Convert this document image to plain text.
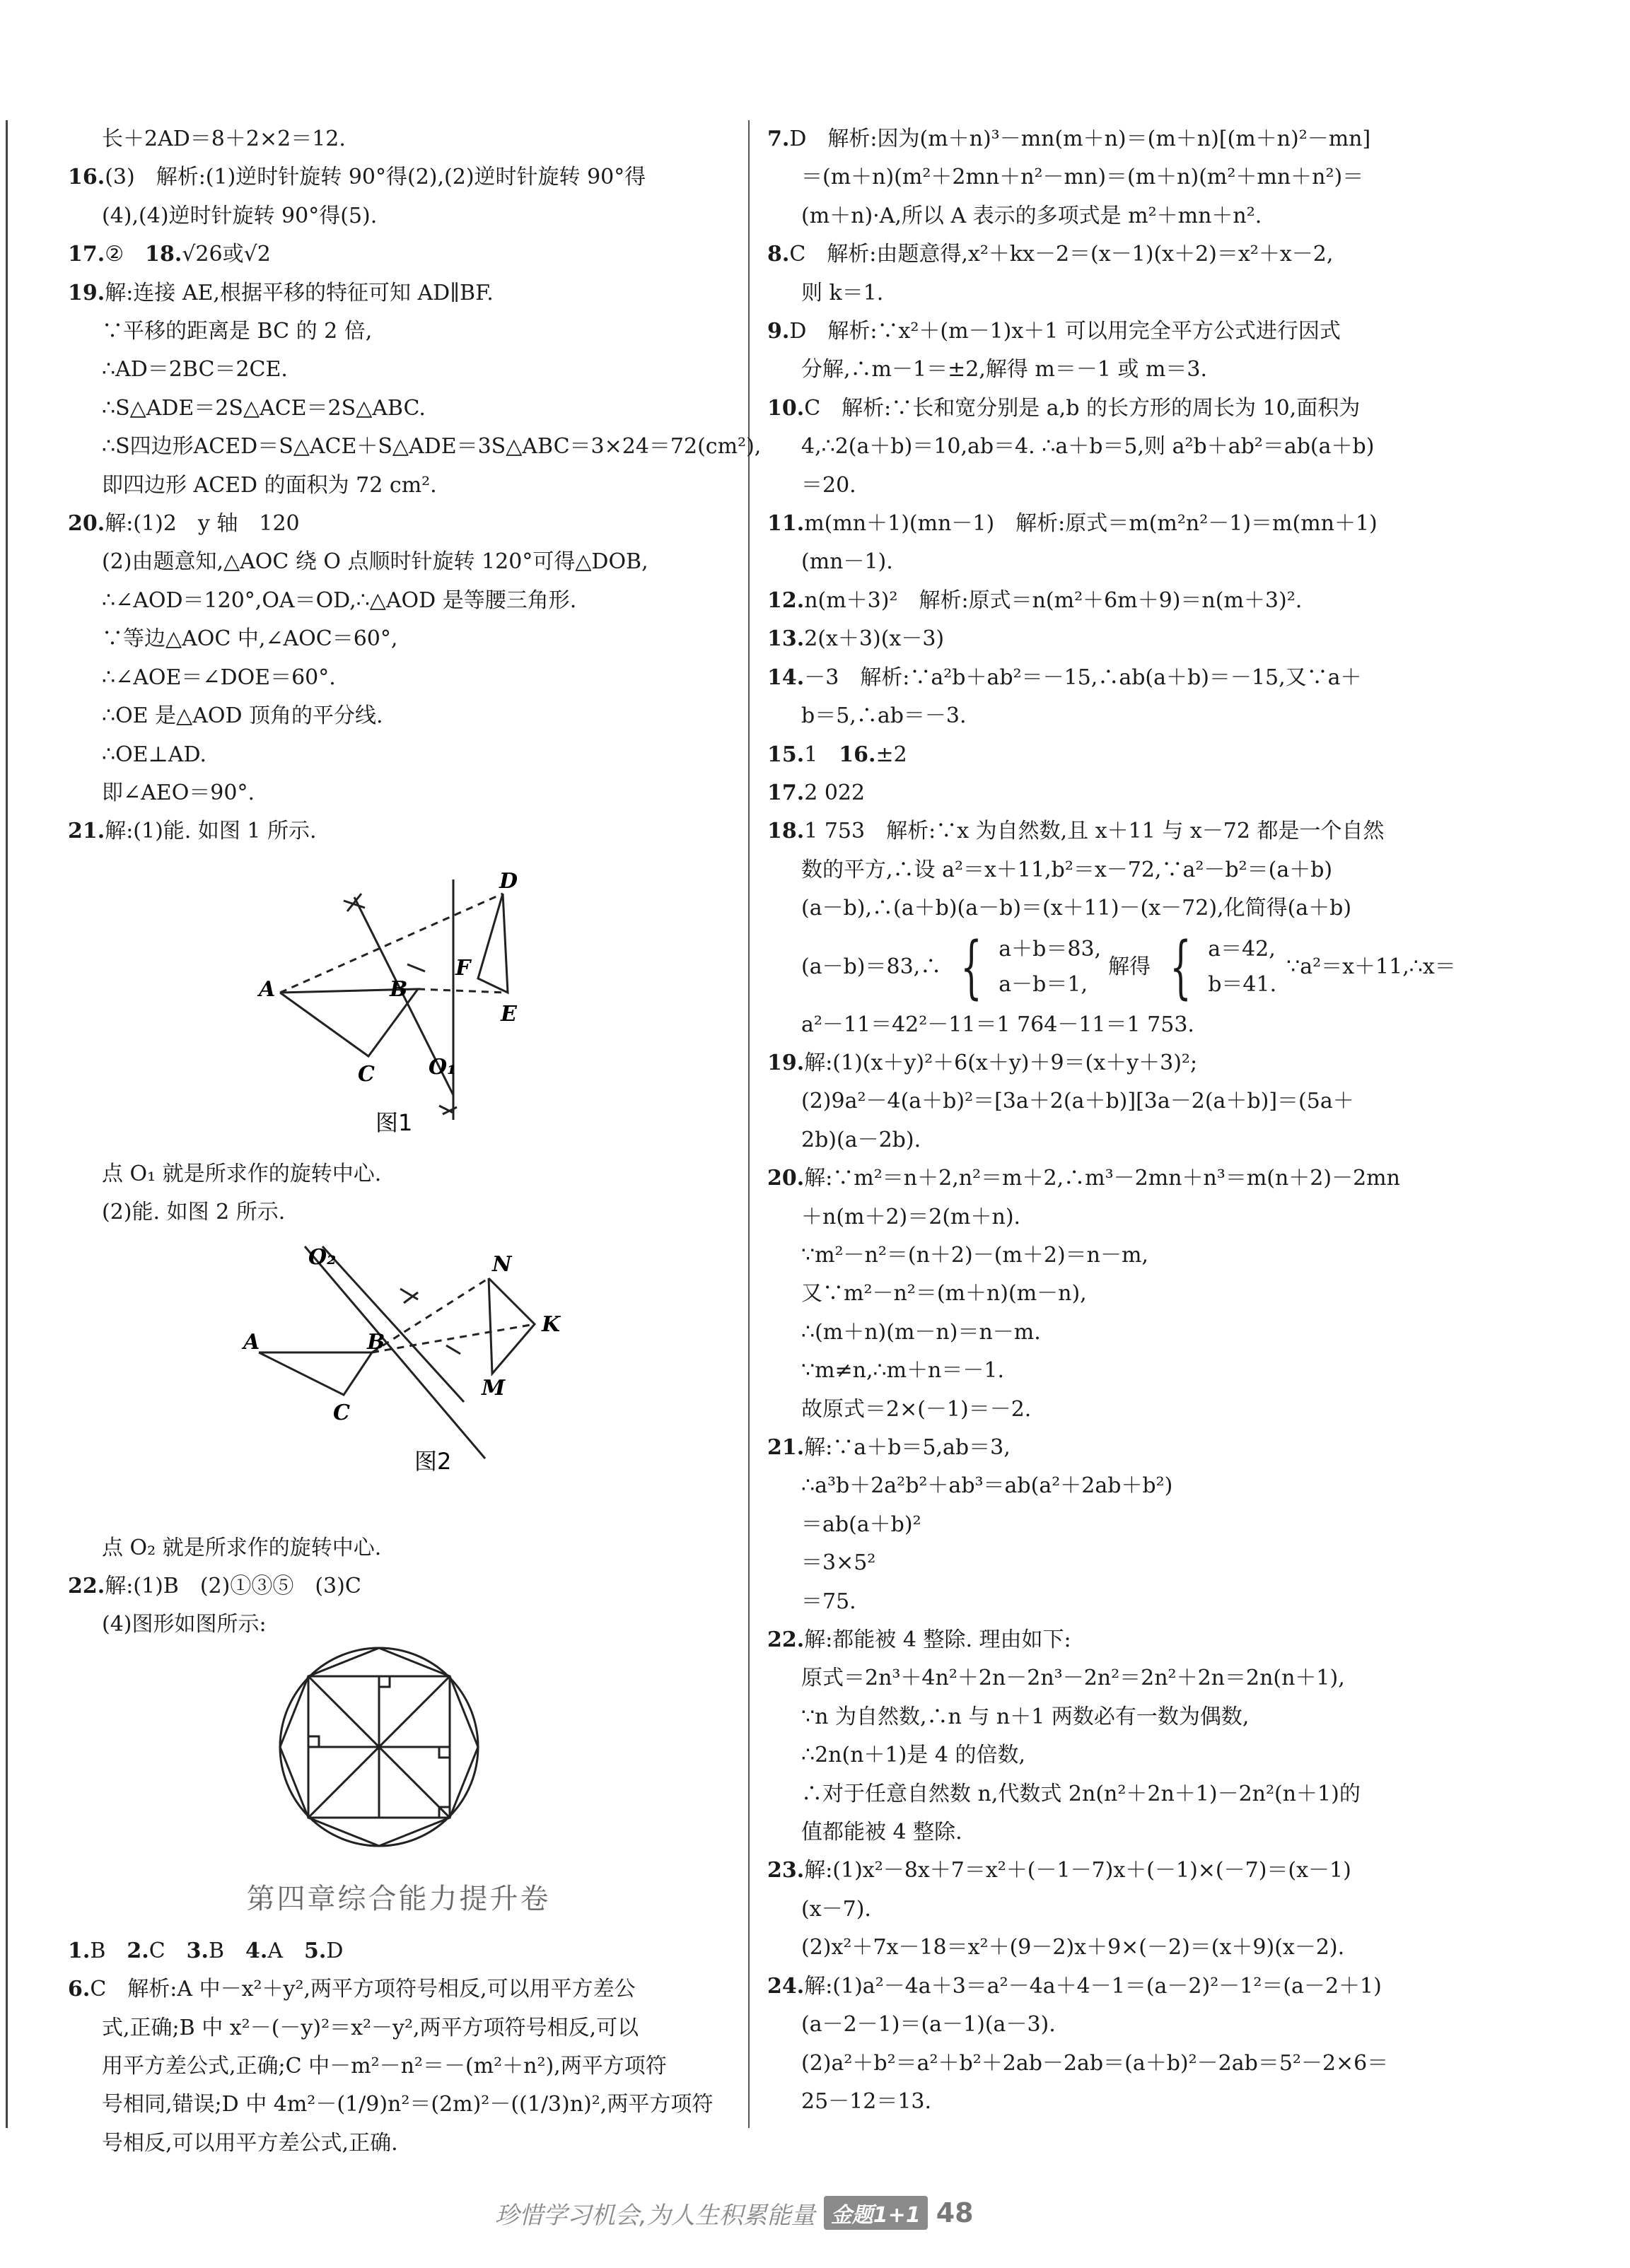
长＋2AD＝8＋2×2＝12.
16.(3)　解析:(1)逆时针旋转 90°得(2),(2)逆时针旋转 90°得
(4),(4)逆时针旋转 90°得(5).
17.②　18.√26或√2
19.解:连接 AE,根据平移的特征可知 AD∥BF.
∵平移的距离是 BC 的 2 倍,
∴AD＝2BC＝2CE.
∴S△ADE＝2S△ACE＝2S△ABC.
∴S四边形ACED＝S△ACE＋S△ADE＝3S△ABC＝3×24＝72(cm²),
即四边形 ACED 的面积为 72 cm².
20.解:(1)2　y 轴　120
(2)由题意知,△AOC 绕 O 点顺时针旋转 120°可得△DOB,
∴∠AOD＝120°,OA＝OD,∴△AOD 是等腰三角形.
∵等边△AOC 中,∠AOC＝60°,
∴∠AOE＝∠DOE＝60°.
∴OE 是△AOD 顶角的平分线.
∴OE⊥AD.
即∠AEO＝90°.
21.解:(1)能. 如图 1 所示.
A	B
C
D
E
F
O₁
图1
点 O₁ 就是所求作的旋转中心.
(2)能. 如图 2 所示.
O₂	N
K
M
A	B
C
图2
点 O₂ 就是所求作的旋转中心.
22.解:(1)B　(2)①③⑤　(3)C
(4)图形如图所示:
第四章综合能力提升卷
1.B　2.C　3.B　4.A　5.D
6.C　解析:A 中－x²＋y²,两平方项符号相反,可以用平方差公
式,正确;B 中 x²－(－y)²＝x²－y²,两平方项符号相反,可以
用平方差公式,正确;C 中－m²－n²＝－(m²＋n²),两平方项符
号相同,错误;D 中 4m²－(1/9)n²＝(2m)²－((1/3)n)²,两平方项符
号相反,可以用平方差公式,正确.
7.D　解析:因为(m＋n)³－mn(m＋n)＝(m＋n)[(m＋n)²－mn]
＝(m＋n)(m²＋2mn＋n²－mn)＝(m＋n)(m²＋mn＋n²)＝
(m＋n)·A,所以 A 表示的多项式是 m²＋mn＋n².
8.C　解析:由题意得,x²＋kx－2＝(x－1)(x＋2)＝x²＋x－2,
则 k＝1.
9.D　解析:∵x²＋(m－1)x＋1 可以用完全平方公式进行因式
分解,∴m－1＝±2,解得 m＝－1 或 m＝3.
10.C　解析:∵长和宽分别是 a,b 的长方形的周长为 10,面积为
4,∴2(a＋b)＝10,ab＝4. ∴a＋b＝5,则 a²b＋ab²＝ab(a＋b)
＝20.
11.m(mn＋1)(mn－1)　解析:原式＝m(m²n²－1)＝m(mn＋1)
(mn－1).
12.n(m＋3)²　解析:原式＝n(m²＋6m＋9)＝n(m＋3)².
13.2(x＋3)(x－3)
14.－3　解析:∵a²b＋ab²＝－15,∴ab(a＋b)＝－15,又∵a＋
b＝5,∴ab＝－3.
15.1　16.±2
17.2 022
18.1 753　解析:∵x 为自然数,且 x＋11 与 x－72 都是一个自然
数的平方,∴设 a²＝x＋11,b²＝x－72,∵a²－b²＝(a＋b)
(a－b),∴(a＋b)(a－b)＝(x＋11)－(x－72),化简得(a＋b)
(a－b)＝83,∴ { a＋b＝83,
a－b＝1,
解得 { a＝42,
b＝41.
∵a²＝x＋11,∴x＝
a²－11＝42²－11＝1 764－11＝1 753.
19.解:(1)(x＋y)²＋6(x＋y)＋9＝(x＋y＋3)²;
(2)9a²－4(a＋b)²＝[3a＋2(a＋b)][3a－2(a＋b)]＝(5a＋
2b)(a－2b).
20.解:∵m²＝n＋2,n²＝m＋2,∴m³－2mn＋n³＝m(n＋2)－2mn
＋n(m＋2)＝2(m＋n).
∵m²－n²＝(n＋2)－(m＋2)＝n－m,
又∵m²－n²＝(m＋n)(m－n),
∴(m＋n)(m－n)＝n－m.
∵m≠n,∴m＋n＝－1.
故原式＝2×(－1)＝－2.
21.解:∵a＋b＝5,ab＝3,
∴a³b＋2a²b²＋ab³＝ab(a²＋2ab＋b²)
＝ab(a＋b)²
＝3×5²
＝75.
22.解:都能被 4 整除. 理由如下:
原式＝2n³＋4n²＋2n－2n³－2n²＝2n²＋2n＝2n(n＋1),
∵n 为自然数,∴n 与 n＋1 两数必有一数为偶数,
∴2n(n＋1)是 4 的倍数,
∴对于任意自然数 n,代数式 2n(n²＋2n＋1)－2n²(n＋1)的
值都能被 4 整除.
23.解:(1)x²－8x＋7＝x²＋(－1－7)x＋(－1)×(－7)＝(x－1)
(x－7).
(2)x²＋7x－18＝x²＋(9－2)x＋9×(－2)＝(x＋9)(x－2).
24.解:(1)a²－4a＋3＝a²－4a＋4－1＝(a－2)²－1²＝(a－2＋1)
(a－2－1)＝(a－1)(a－3).
(2)a²＋b²＝a²＋b²＋2ab－2ab＝(a＋b)²－2ab＝5²－2×6＝
25－12＝13.
珍惜学习机会,为人生积累能量 金题1+1 48
